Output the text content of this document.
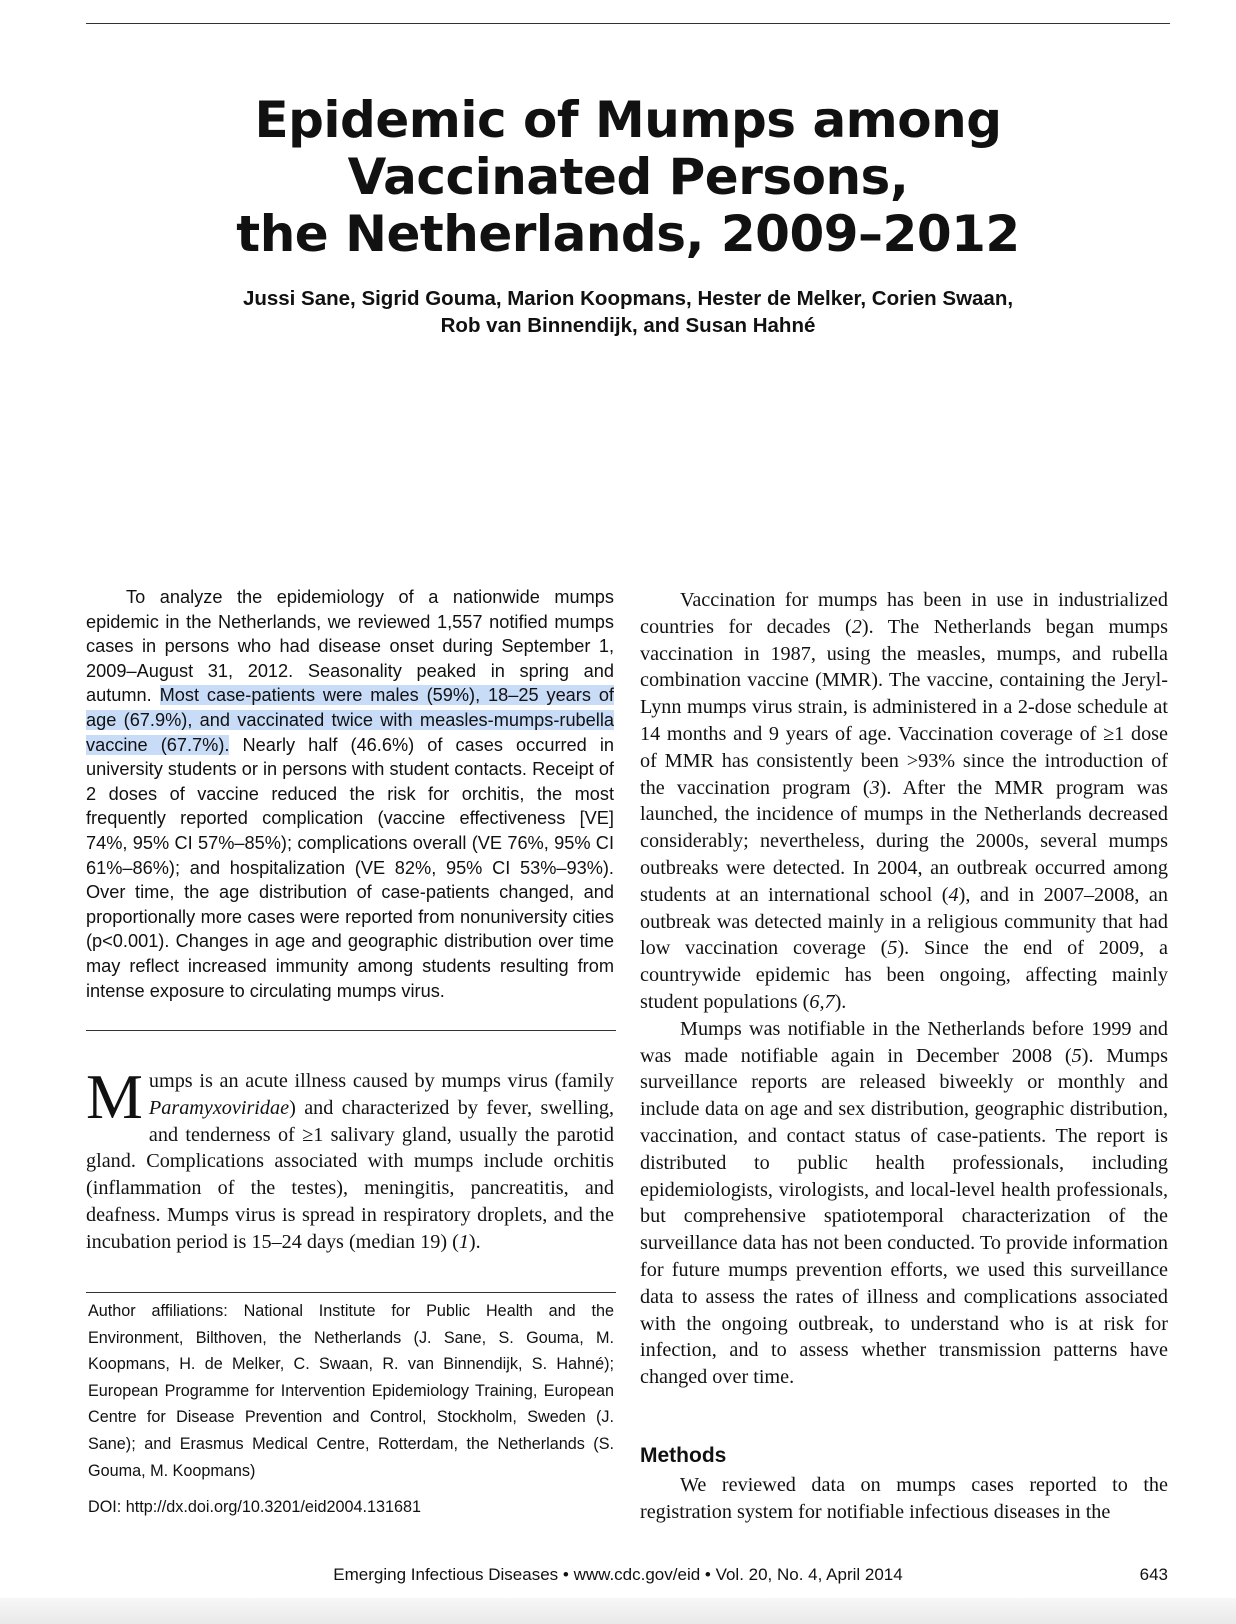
Epidemic of Mumps among
Vaccinated Persons,
the Netherlands, 2009–2012
Jussi Sane, Sigrid Gouma, Marion Koopmans, Hester de Melker, Corien Swaan,
Rob van Binnendijk, and Susan Hahné

To analyze the epidemiology of a nationwide mumps epidemic in the Netherlands, we reviewed 1,557 notified mumps cases in persons who had disease onset during September 1, 2009–August 31, 2012. Seasonality peaked in spring and autumn. Most case-patients were males (59%), 18–25 years of age (67.9%), and vaccinated twice with measles-mumps-rubella vaccine (67.7%). Nearly half (46.6%) of cases occurred in university students or in persons with student contacts. Receipt of 2 doses of vaccine reduced the risk for orchitis, the most frequently reported complication (vaccine effectiveness [VE] 74%, 95% CI 57%–85%); complications overall (VE 76%, 95% CI 61%–86%); and hospitalization (VE 82%, 95% CI 53%–93%). Over time, the age distribution of case-patients changed, and proportionally more cases were reported from nonuniversity cities (p<0.001). Changes in age and geographic distribution over time may reflect increased immunity among students resulting from intense exposure to circulating mumps virus.

Mumps is an acute illness caused by mumps virus (family Paramyxoviridae) and characterized by fever, swelling, and tenderness of ≥1 salivary gland, usually the parotid gland. Complications associated with mumps include orchitis (inflammation of the testes), meningitis, pancreatitis, and deafness. Mumps virus is spread in respiratory droplets, and the incubation period is 15–24 days (median 19) (1).

Author affiliations: National Institute for Public Health and the Environment, Bilthoven, the Netherlands (J. Sane, S. Gouma, M. Koopmans, H. de Melker, C. Swaan, R. van Binnendijk, S. Hahné); European Programme for Intervention Epidemiology Training, European Centre for Disease Prevention and Control, Stockholm, Sweden (J. Sane); and Erasmus Medical Centre, Rotterdam, the Netherlands (S. Gouma, M. Koopmans)

DOI: http://dx.doi.org/10.3201/eid2004.131681

Vaccination for mumps has been in use in industrialized countries for decades (2). The Netherlands began mumps vaccination in 1987, using the measles, mumps, and rubella combination vaccine (MMR). The vaccine, containing the Jeryl-Lynn mumps virus strain, is administered in a 2-dose schedule at 14 months and 9 years of age. Vaccination coverage of ≥1 dose of MMR has consistently been >93% since the introduction of the vaccination program (3). After the MMR program was launched, the incidence of mumps in the Netherlands decreased considerably; nevertheless, during the 2000s, several mumps outbreaks were detected. In 2004, an outbreak occurred among students at an international school (4), and in 2007–2008, an outbreak was detected mainly in a religious community that had low vaccination coverage (5). Since the end of 2009, a countrywide epidemic has been ongoing, affecting mainly student populations (6,7).

Mumps was notifiable in the Netherlands before 1999 and was made notifiable again in December 2008 (5). Mumps surveillance reports are released biweekly or monthly and include data on age and sex distribution, geographic distribution, vaccination, and contact status of case-patients. The report is distributed to public health professionals, including epidemiologists, virologists, and local-level health professionals, but comprehensive spatiotemporal characterization of the surveillance data has not been conducted. To provide information for future mumps prevention efforts, we used this surveillance data to assess the rates of illness and complications associated with the ongoing outbreak, to understand who is at risk for infection, and to assess whether transmission patterns have changed over time.

Methods

We reviewed data on mumps cases reported to the registration system for notifiable infectious diseases in the

Emerging Infectious Diseases • www.cdc.gov/eid • Vol. 20, No. 4, April 2014	643
